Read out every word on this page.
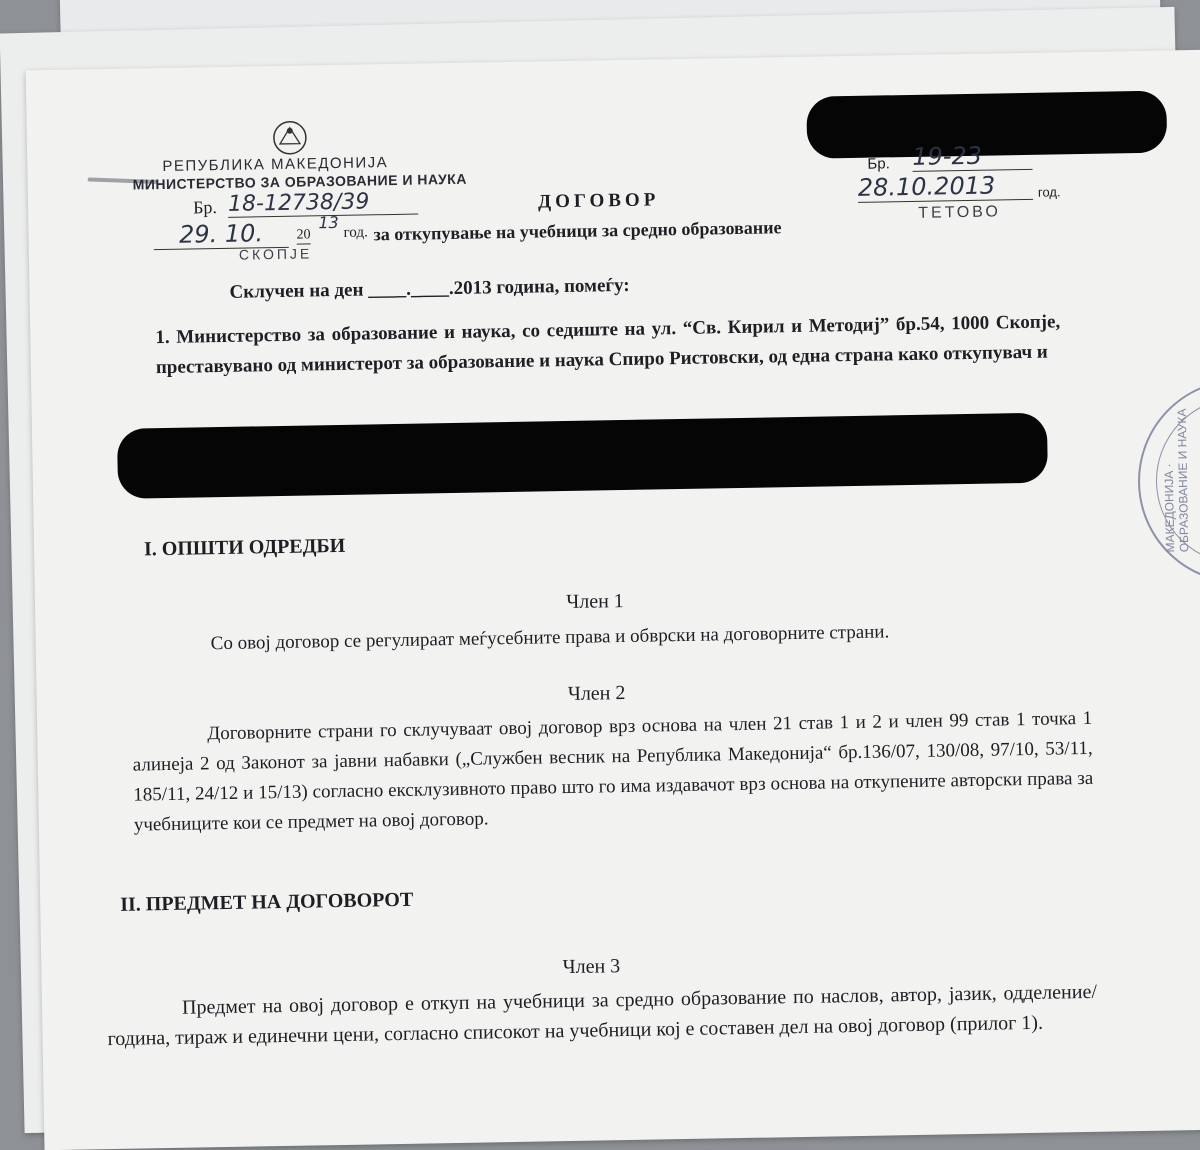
РЕПУБЛИКА МАКЕДОНИЈА
МИНИСТЕРСТВО ЗА ОБРАЗОВАНИЕ И НАУКА
Бр. 18-12738/39
29. 10.	20
13
год.
СКОПЈЕ
Бр. 19-23
28.10.2013	год.
ТЕТОВО
ДОГОВОР
за откупување на учебници за средно образование
Склучен на ден ____.____.2013 година, помеѓу:
1. Министерство за образование и наука, со седиште на ул. “Св. Кирил и Методиј” бр.54, 1000 Скопје, преставувано од министерот за образование и наука Спиро Ристовски, од една страна како откупувач и
I. ОПШТИ ОДРЕДБИ
Член 1
Со овој договор се регулираат меѓусебните права и обврски на договорните страни.
Член 2
Договорните страни го склучуваат овој договор врз основа на член 21 став 1 и 2 и член 99 став 1 точка 1 алинеја 2 од Законот за јавни набавки („Службен весник на Република Македонија“ бр.136/07, 130/08, 97/10, 53/11, 185/11, 24/12 и 15/13) согласно ексклузивното право што го има издавачот врз основа на откупените авторски права за учебниците кои се предмет на овој договор.
II. ПРЕДМЕТ НА ДОГОВОРОТ
Член 3
Предмет на овој договор е откуп на учебници за средно образование по наслов, автор, јазик, одделение/година, тираж и единечни цени, согласно списокот на учебници кој е составен дел на овој договор (прилог 1).
МАКЕДОНИЈА · ОБРАЗОВАНИЕ И НАУКА
